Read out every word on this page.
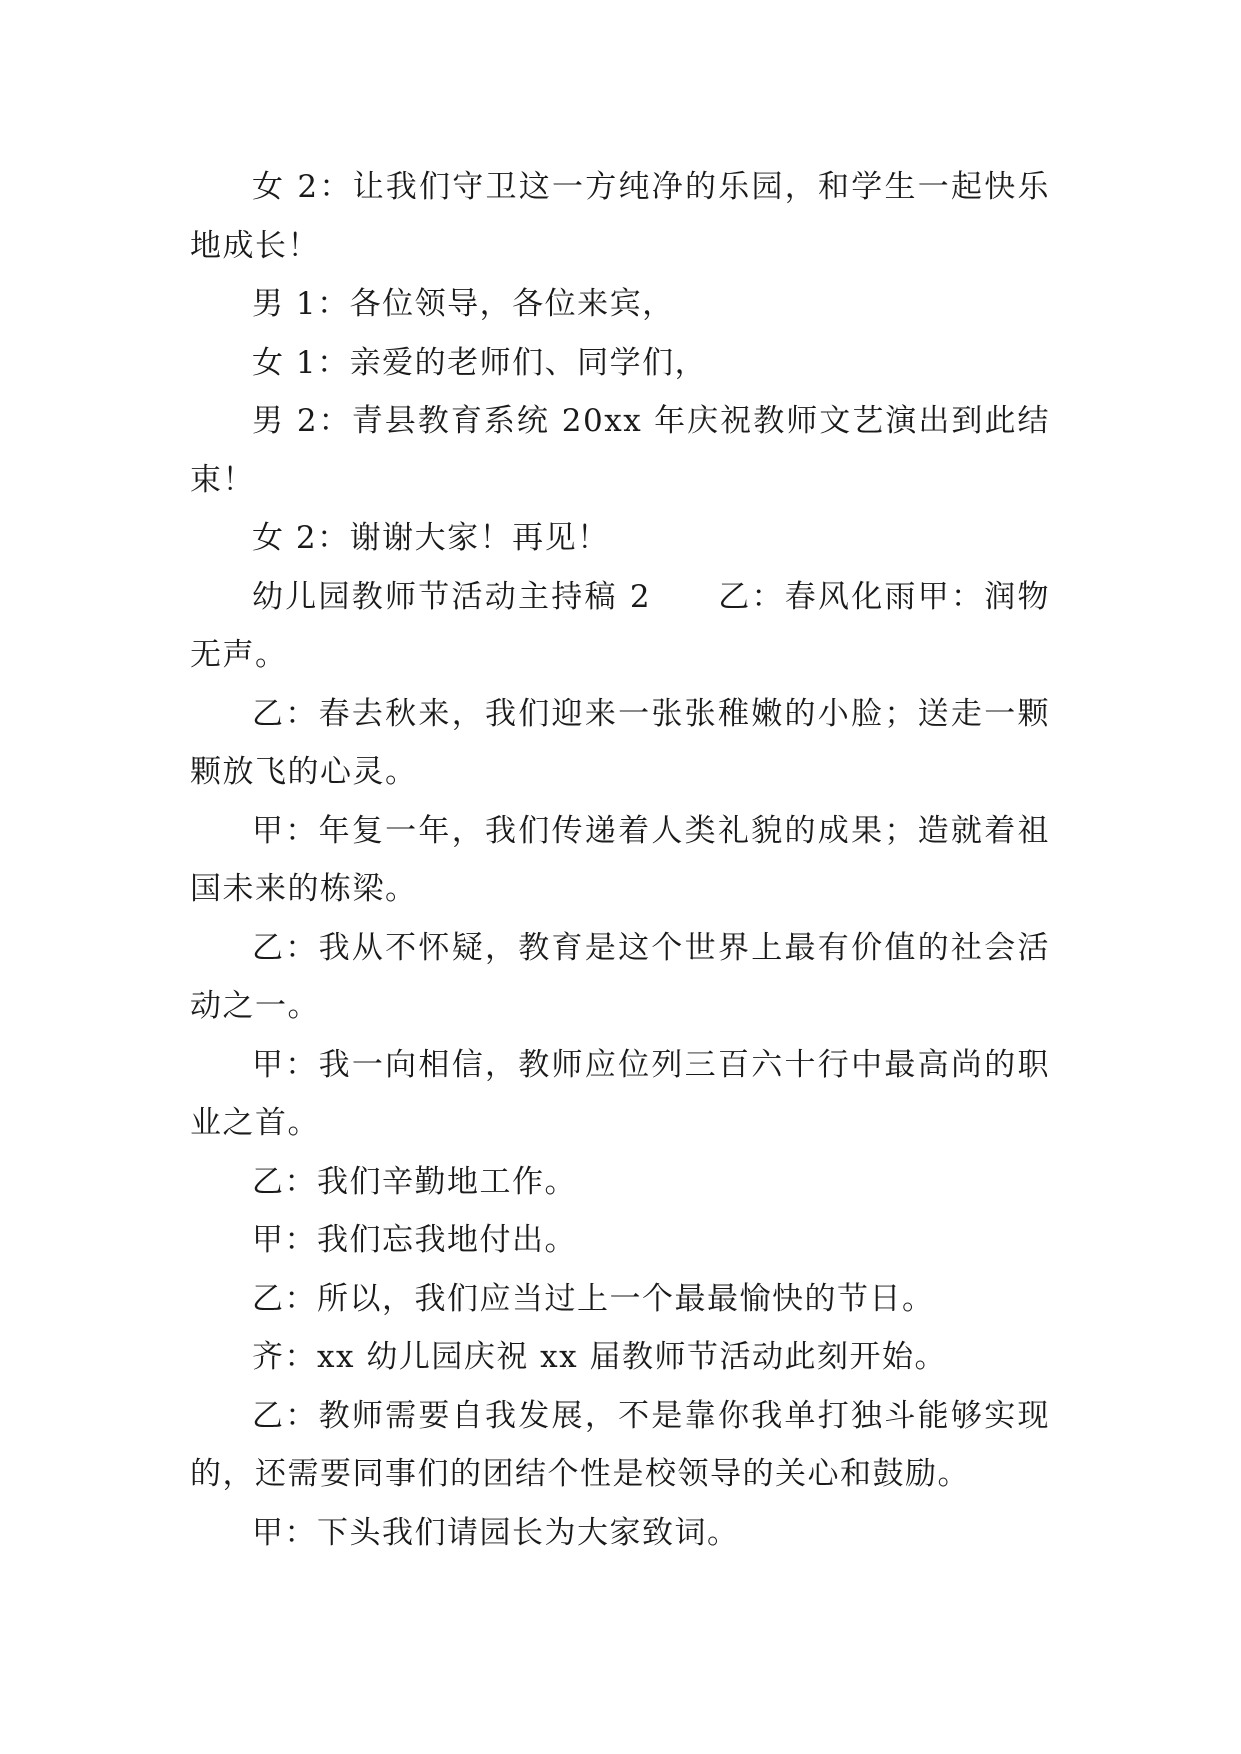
女 2：让我们守卫这一方纯净的乐园，和学生一起快乐地成长！

男 1：各位领导，各位来宾，

女 1：亲爱的老师们、同学们，

男 2：青县教育系统 20xx 年庆祝教师文艺演出到此结束！

女 2：谢谢大家！再见！

幼儿园教师节活动主持稿 2　　乙：春风化雨甲：润物无声。

乙：春去秋来，我们迎来一张张稚嫩的小脸；送走一颗颗放飞的心灵。

甲：年复一年，我们传递着人类礼貌的成果；造就着祖国未来的栋梁。

乙：我从不怀疑，教育是这个世界上最有价值的社会活动之一。

甲：我一向相信，教师应位列三百六十行中最高尚的职业之首。

乙：我们辛勤地工作。

甲：我们忘我地付出。

乙：所以，我们应当过上一个最最愉快的节日。

齐：xx 幼儿园庆祝 xx 届教师节活动此刻开始。

乙：教师需要自我发展，不是靠你我单打独斗能够实现的，还需要同事们的团结个性是校领导的关心和鼓励。

甲：下头我们请园长为大家致词。
